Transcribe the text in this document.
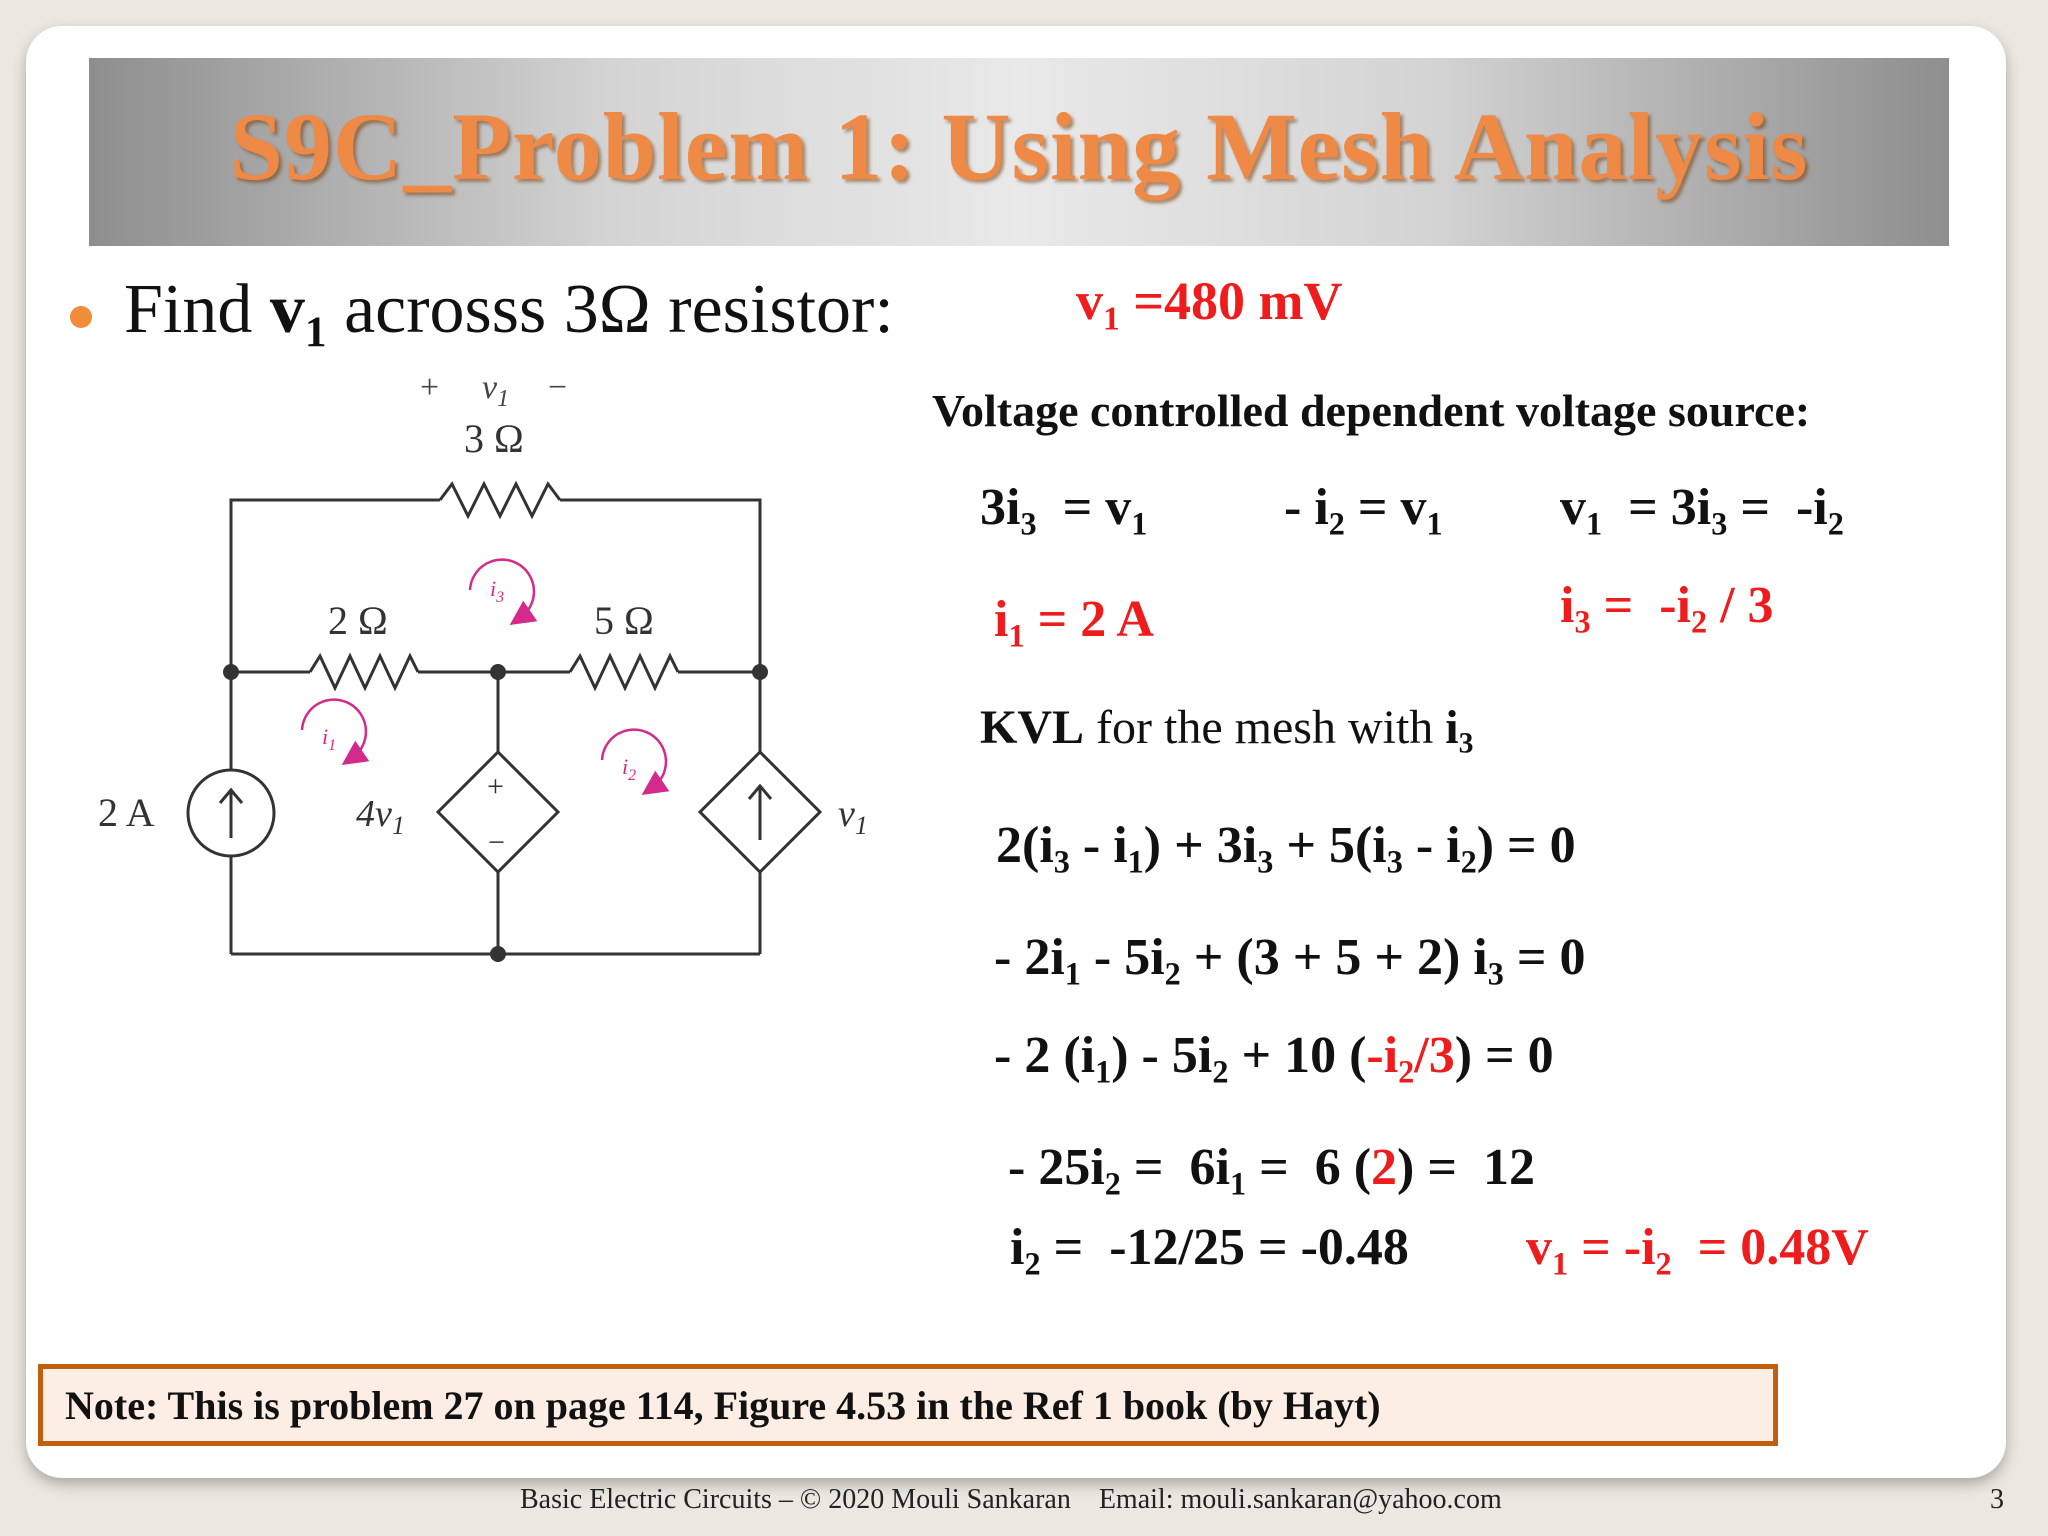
S9C_Problem 1: Using Mesh Analysis
Find $v_1$ acrosss 3Ω resistor:	$v_1 =480$ mV
Voltage controlled dependent voltage source:
+ $v_1$ −
3 Ω
2 Ω	5 Ω
2 A	$4v_1$
+
−
$v_1$
$i_3$
$i_1$
$i_2$
$3i_3 = v_1$	- $i_2 = v_1$ $v_1 = 3i_3 = -i_2$
$i_1 = 2$ A	$i_3 = -i_2 / 3$
KVL for the mesh with $i_3$
$2(i_3 - i_1) + 3i_3 + 5(i_3 - i_2) = 0$
- $2i_1 - 5i_2 + (3 + 5 + 2) i_3 = 0$
- 2 $(i_1) - 5i_2 + 10$ $(-i_2/3) = 0$
- $25i_2 = 6i_1 = 6$ (2) =  12
$i_2 = -12/25 = -0.48$ $v_1 = -i_2 = 0.48V$
Note: This is problem 27 on page 114, Figure 4.53 in the Ref 1 book (by Hayt)
Basic Electric Circuits – © 2020 Mouli Sankaran    Email: mouli.sankaran@yahoo.com	3
